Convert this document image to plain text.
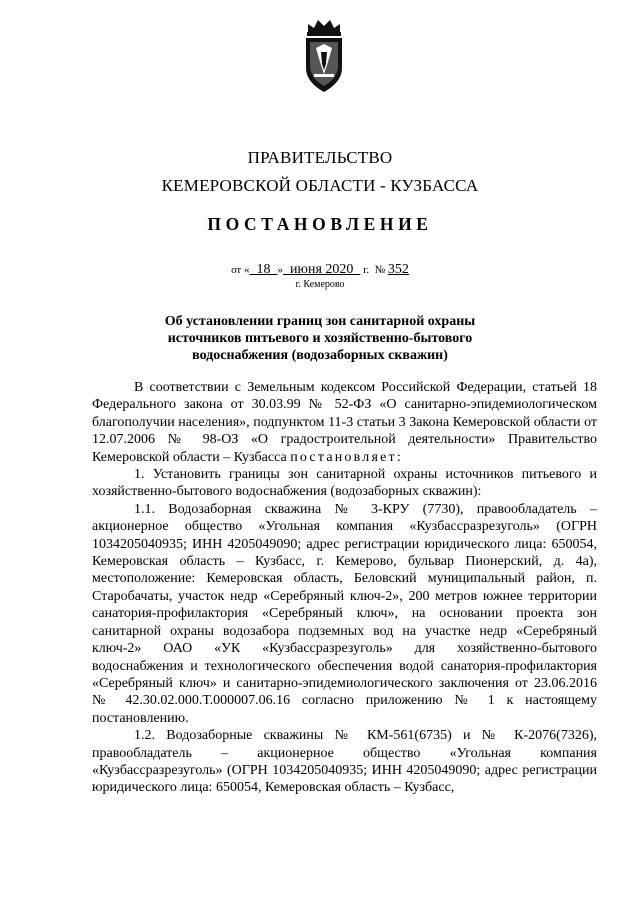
ПРАВИТЕЛЬСТВО
КЕМЕРОВСКОЙ ОБЛАСТИ - КУЗБАССА
ПОСТАНОВЛЕНИЕ
от «  18  »  июня 2020   г.  № 352
г. Кемерово
Об установлении границ зон санитарной охраны источников питьевого и хозяйственно-бытового водоснабжения (водозаборных скважин)

В соответствии с Земельным кодексом Российской Федерации, статьей 18 Федерального закона от 30.03.99 № 52-ФЗ «О санитарно-эпидемиологическом благополучии населения», подпунктом 11-3 статьи 3 Закона Кемеровской области от 12.07.2006 № 98-ОЗ «О градостроительной деятельности» Правительство Кемеровской области – Кузбасса постановляет:

1. Установить границы зон санитарной охраны источников питьевого и хозяйственно-бытового водоснабжения (водозаборных скважин):

1.1. Водозаборная скважина № 3-КРУ (7730), правообладатель – акционерное общество «Угольная компания «Кузбассразрезуголь» (ОГРН 1034205040935; ИНН 4205049090; адрес регистрации юридического лица: 650054, Кемеровская область – Кузбасс, г. Кемерово, бульвар Пионерский, д. 4а), местоположение: Кемеровская область, Беловский муниципальный район, п. Старобачаты, участок недр «Серебряный ключ-2», 200 метров южнее территории санатория-профилактория «Серебряный ключ», на основании проекта зон санитарной охраны водозабора подземных вод на участке недр «Серебряный ключ-2» ОАО «УК «Кузбассразрезуголь» для хозяйственно-бытового водоснабжения и технологического обеспечения водой санатория-профилактория «Серебряный ключ» и санитарно-эпидемиологического заключения от 23.06.2016 № 42.30.02.000.Т.000007.06.16 согласно приложению № 1 к настоящему постановлению.

1.2. Водозаборные скважины № КМ-561(6735) и № К-2076(7326), правообладатель – акционерное общество «Угольная компания «Кузбассразрезуголь» (ОГРН 1034205040935; ИНН 4205049090; адрес регистрации юридического лица: 650054, Кемеровская область – Кузбасс,
